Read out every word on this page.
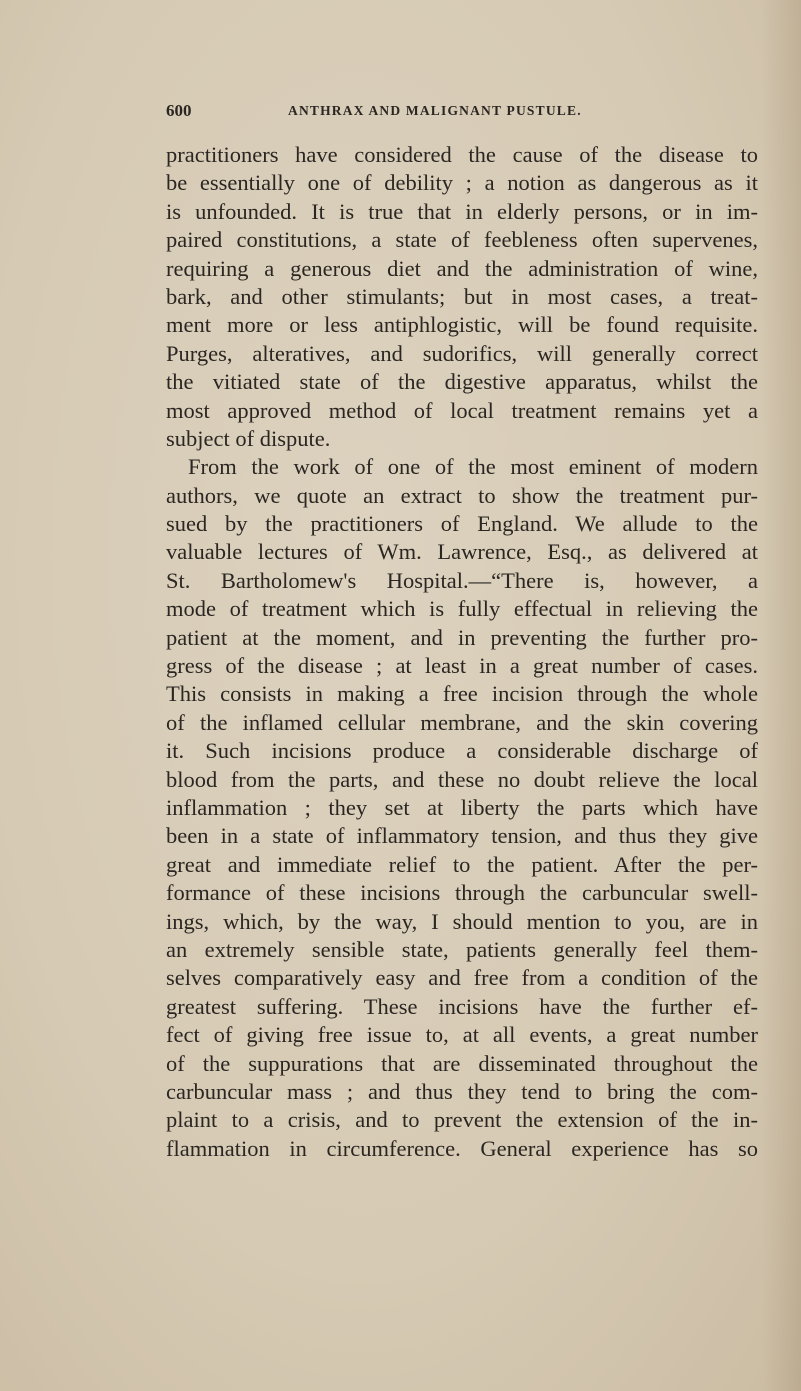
600	ANTHRAX AND MALIGNANT PUSTULE.
practitioners have considered the cause of the disease to
be essentially one of debility ; a notion as dangerous as it
is unfounded. It is true that in elderly persons, or in im-
paired constitutions, a state of feebleness often supervenes,
requiring a generous diet and the administration of wine,
bark, and other stimulants; but in most cases, a treat-
ment more or less antiphlogistic, will be found requisite.
Purges, alteratives, and sudorifics, will generally correct
the vitiated state of the digestive apparatus, whilst the
most approved method of local treatment remains yet a
subject of dispute.
From the work of one of the most eminent of modern
authors, we quote an extract to show the treatment pur-
sued by the practitioners of England. We allude to the
valuable lectures of Wm. Lawrence, Esq., as delivered at
St. Bartholomew's Hospital.—“There is, however, a
mode of treatment which is fully effectual in relieving the
patient at the moment, and in preventing the further pro-
gress of the disease ; at least in a great number of cases.
This consists in making a free incision through the whole
of the inflamed cellular membrane, and the skin covering
it. Such incisions produce a considerable discharge of
blood from the parts, and these no doubt relieve the local
inflammation ; they set at liberty the parts which have
been in a state of inflammatory tension, and thus they give
great and immediate relief to the patient. After the per-
formance of these incisions through the carbuncular swell-
ings, which, by the way, I should mention to you, are in
an extremely sensible state, patients generally feel them-
selves comparatively easy and free from a condition of the
greatest suffering. These incisions have the further ef-
fect of giving free issue to, at all events, a great number
of the suppurations that are disseminated throughout the
carbuncular mass ; and thus they tend to bring the com-
plaint to a crisis, and to prevent the extension of the in-
flammation in circumference. General experience has so
